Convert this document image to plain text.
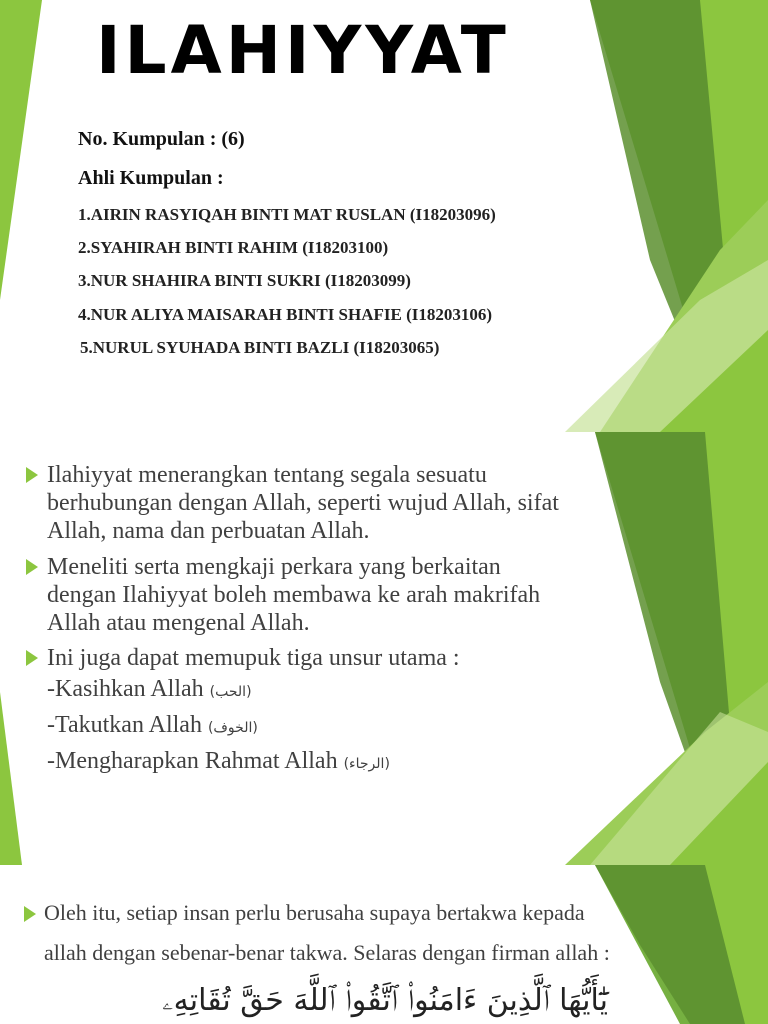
ILAHIYYAT
No. Kumpulan : (6)
Ahli Kumpulan :
1.AIRIN RASYIQAH BINTI MAT RUSLAN (I18203096)
2.SYAHIRAH BINTI RAHIM (I18203100)
3.NUR SHAHIRA BINTI SUKRI (I18203099)
4.NUR ALIYA MAISARAH BINTI SHAFIE (I18203106)
5.NURUL SYUHADA BINTI BAZLI (I18203065)
Ilahiyyat menerangkan tentang segala sesuatu
berhubungan dengan Allah, seperti wujud Allah, sifat
Allah, nama dan perbuatan Allah.
Meneliti serta mengkaji perkara yang berkaitan
dengan Ilahiyyat boleh membawa ke arah makrifah
Allah atau mengenal Allah.
Ini juga dapat memupuk tiga unsur utama :
-Kasihkan Allah (الحب)
-Takutkan Allah (الخوف)
-Mengharapkan Rahmat Allah (الرجاء)
Oleh itu, setiap insan perlu berusaha supaya bertakwa kepada
allah dengan sebenar-benar takwa. Selaras dengan firman allah :
يَٰٓأَيُّهَا ٱلَّذِينَ ءَامَنُوا۟ ٱتَّقُوا۟ ٱللَّهَ حَقَّ تُقَاتِهِۦ
